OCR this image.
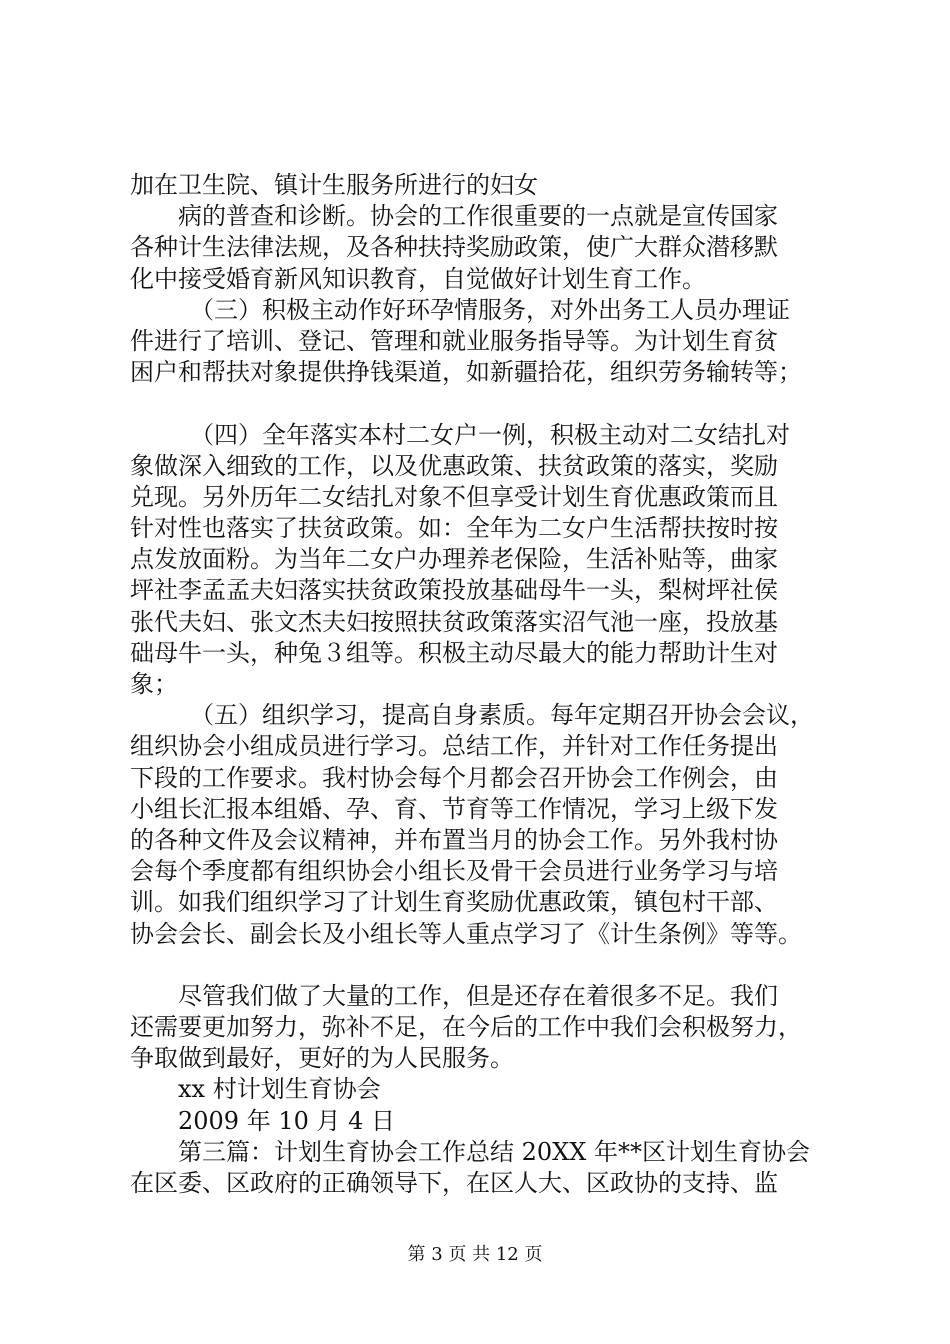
加在卫生院、镇计生服务所进行的妇女
病的普查和诊断。协会的工作很重要的一点就是宣传国家
各种计生法律法规，及各种扶持奖励政策，使广大群众潜移默
化中接受婚育新风知识教育，自觉做好计划生育工作。
（三）积极主动作好环孕情服务，对外出务工人员办理证
件进行了培训、登记、管理和就业服务指导等。为计划生育贫
困户和帮扶对象提供挣钱渠道，如新疆拾花，组织劳务输转等；
（四）全年落实本村二女户一例，积极主动对二女结扎对
象做深入细致的工作，以及优惠政策、扶贫政策的落实，奖励
兑现。另外历年二女结扎对象不但享受计划生育优惠政策而且
针对性也落实了扶贫政策。如：全年为二女户生活帮扶按时按
点发放面粉。为当年二女户办理养老保险，生活补贴等，曲家
坪社李孟孟夫妇落实扶贫政策投放基础母牛一头，梨树坪社侯
张代夫妇、张文杰夫妇按照扶贫政策落实沼气池一座，投放基
础母牛一头，种兔３组等。积极主动尽最大的能力帮助计生对
象；
（五）组织学习，提高自身素质。每年定期召开协会会议，
组织协会小组成员进行学习。总结工作，并针对工作任务提出
下段的工作要求。我村协会每个月都会召开协会工作例会，由
小组长汇报本组婚、孕、育、节育等工作情况，学习上级下发
的各种文件及会议精神，并布置当月的协会工作。另外我村协
会每个季度都有组织协会小组长及骨干会员进行业务学习与培
训。如我们组织学习了计划生育奖励优惠政策，镇包村干部、
协会会长、副会长及小组长等人重点学习了《计生条例》等等。
尽管我们做了大量的工作，但是还存在着很多不足。我们
还需要更加努力，弥补不足，在今后的工作中我们会积极努力，
争取做到最好，更好的为人民服务。
xx 村计划生育协会
2009 年 10 月 4 日
第三篇：计划生育协会工作总结 20XX 年**区计划生育协会
在区委、区政府的正确领导下，在区人大、区政协的支持、监
第 3 页 共 12 页
